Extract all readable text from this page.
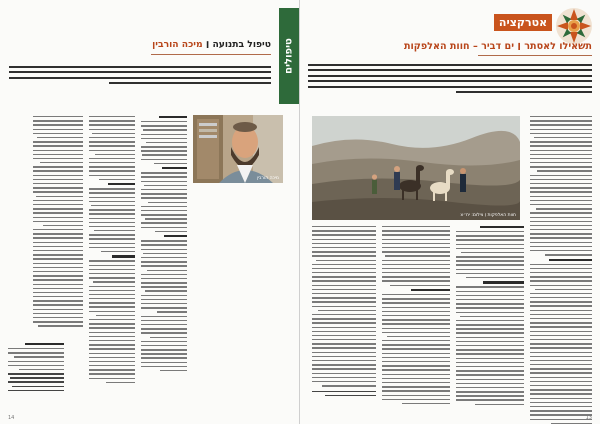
טיפולים
טיפול בתנועה ׀ מיכה הורבין
מיכה הורבין
14
אטרקציה
תשאילו לאסתר ׀ ים דביר – חוות האלפקות
חוות האלפקות ׀ צילום: יח״צ
13
